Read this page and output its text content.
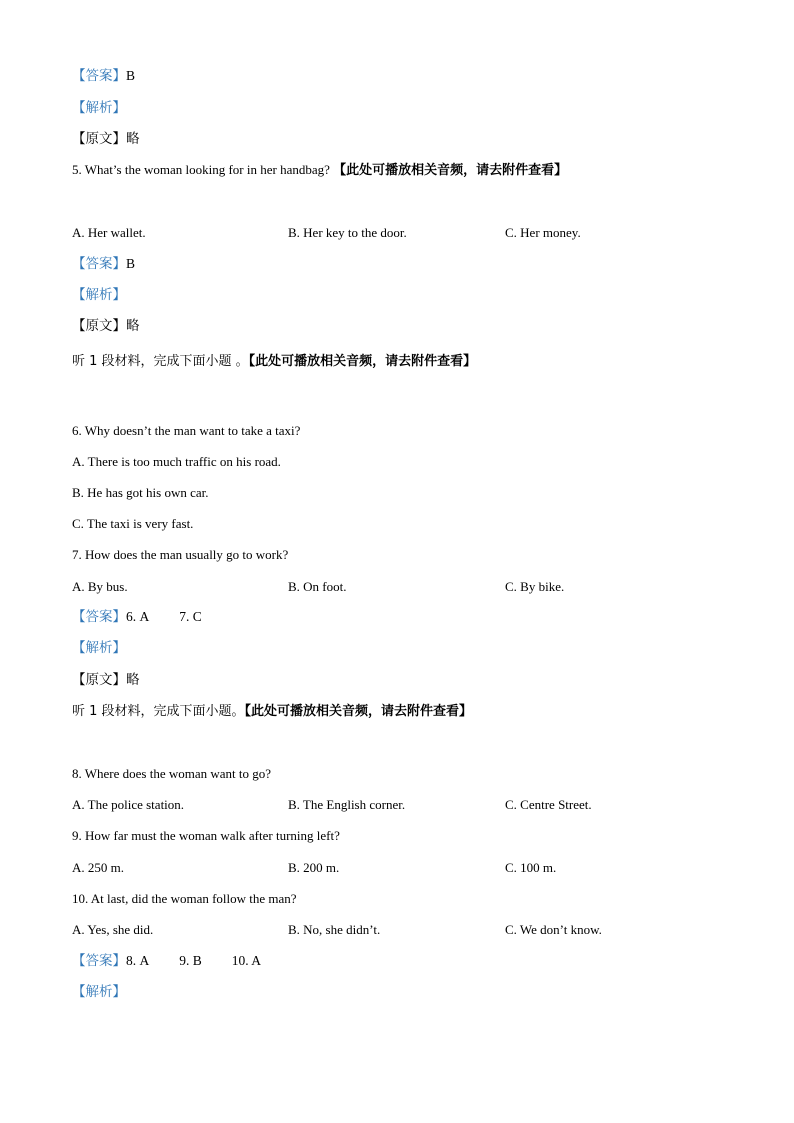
【答案】B
【解析】
【原文】略
5. What’s the woman looking for in her handbag? 【此处可播放相关音频，请去附件查看】
A. Her wallet.	B. Her key to the door.	C. Her money.
【答案】B
【解析】
【原文】略
听 1 段材料，完成下面小题 。【此处可播放相关音频，请去附件查看】
6. Why doesn’t the man want to take a taxi?
A. There is too much traffic on his road.
B. He has got his own car.
C. The taxi is very fast.
7. How does the man usually go to work?
A. By bus.	B. On foot.	C. By bike.
【答案】6. A 7. C
【解析】
【原文】略
听 1 段材料，完成下面小题。【此处可播放相关音频，请去附件查看】
8. Where does the woman want to go?
A. The police station.	B. The English corner.	C. Centre Street.
9. How far must the woman walk after turning left?
A. 250 m.	B. 200 m.	C. 100 m.
10. At last, did the woman follow the man?
A. Yes, she did.	B. No, she didn’t.	C. We don’t know.
【答案】8. A 9. B 10. A
【解析】
